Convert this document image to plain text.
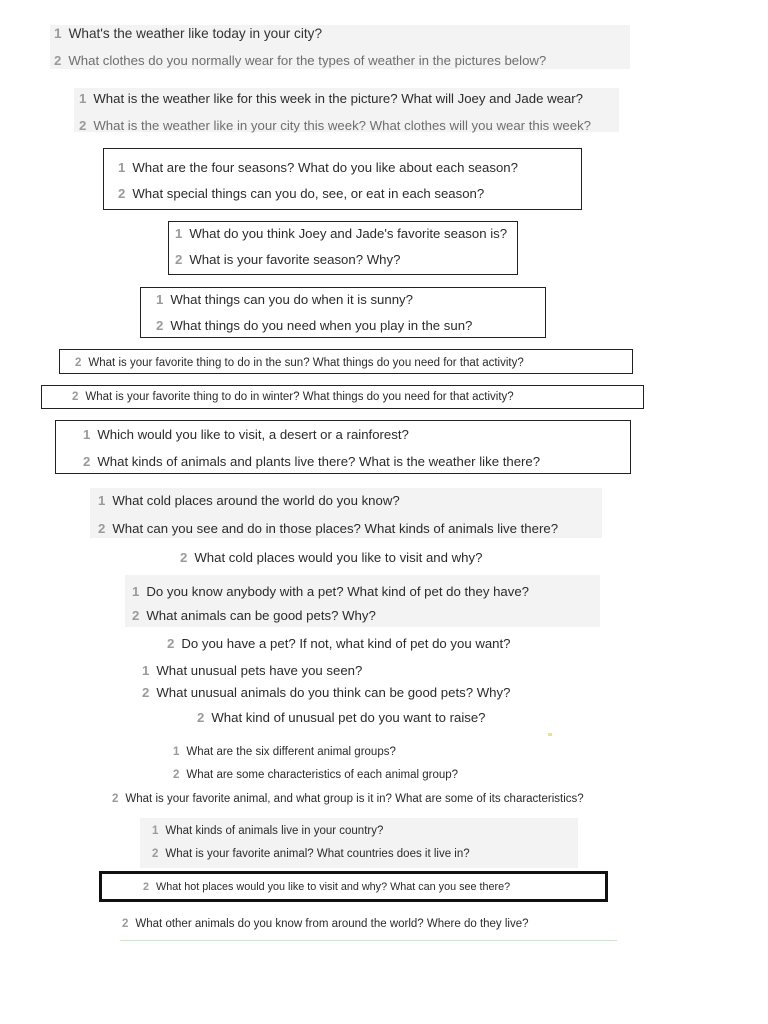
1 What's the weather like today in your city?
2 What clothes do you normally wear for the types of weather in the pictures below?
1 What is the weather like for this week in the picture? What will Joey and Jade wear?
2 What is the weather like in your city this week? What clothes will you wear this week?
1 What are the four seasons? What do you like about each season?
2 What special things can you do, see, or eat in each season?
1 What do you think Joey and Jade's favorite season is?
2 What is your favorite season? Why?
1 What things can you do when it is sunny?
2 What things do you need when you play in the sun?
2 What is your favorite thing to do in the sun? What things do you need for that activity?
2 What is your favorite thing to do in winter? What things do you need for that activity?
1 Which would you like to visit, a desert or a rainforest?
2 What kinds of animals and plants live there? What is the weather like there?
1 What cold places around the world do you know?
2 What can you see and do in those places? What kinds of animals live there?
2 What cold places would you like to visit and why?
1 Do you know anybody with a pet? What kind of pet do they have?
2 What animals can be good pets? Why?
2 Do you have a pet? If not, what kind of pet do you want?
1 What unusual pets have you seen?
2 What unusual animals do you think can be good pets? Why?
2 What kind of unusual pet do you want to raise?
1 What are the six different animal groups?
2 What are some characteristics of each animal group?
2 What is your favorite animal, and what group is it in? What are some of its characteristics?
1 What kinds of animals live in your country?
2 What is your favorite animal? What countries does it live in?
2 What hot places would you like to visit and why? What can you see there?
2 What other animals do you know from around the world? Where do they live?
